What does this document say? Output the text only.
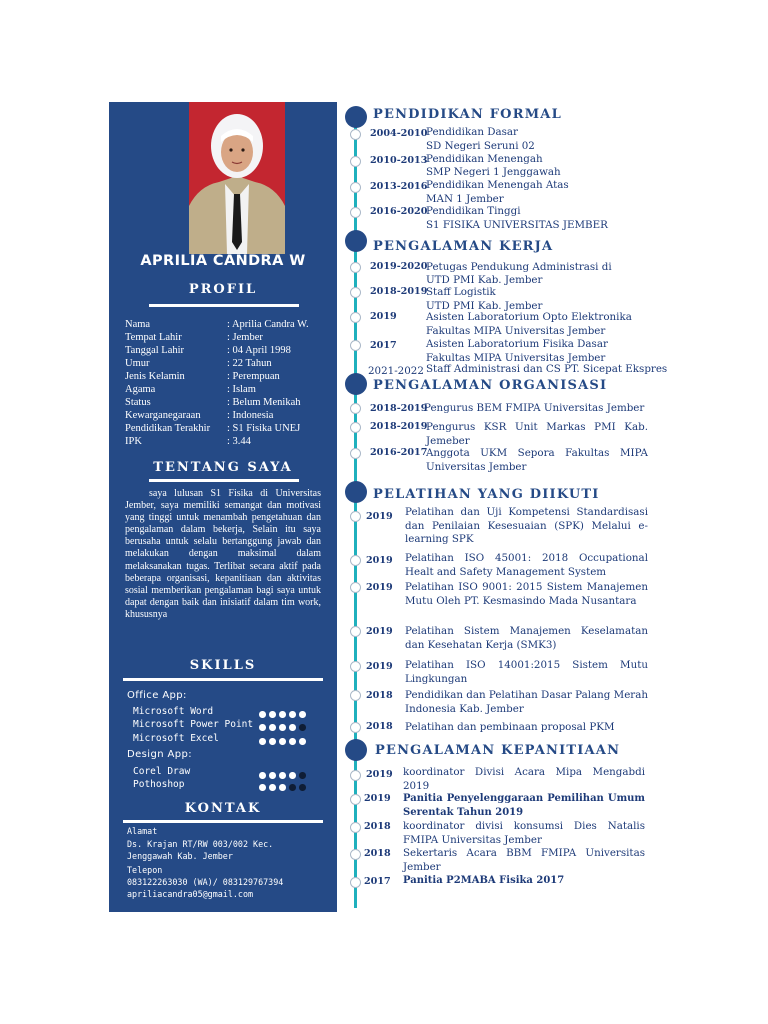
APRILIA CANDRA W
PROFIL
Nama	: Aprilia Candra W.
Tempat Lahir	: Jember
Tanggal Lahir	: 04 April 1998
Umur	: 22 Tahun
Jenis Kelamin	: Perempuan
Agama	: Islam
Status	: Belum Menikah
Kewarganegaraan	: Indonesia
Pendidikan Terakhir : S1 Fisika UNEJ
IPK	: 3.44
TENTANG SAYA
saya lulusan S1 Fisika di Universitas Jember, saya memiliki semangat dan motivasi yang tinggi untuk menambah pengetahuan dan pengalaman dalam bekerja, Selain itu saya berusaha untuk selalu bertanggung jawab dan melakukan dengan maksimal dalam melaksanakan tugas. Terlibat secara aktif pada beberapa organisasi, kepanitiaan dan aktivitas sosial memberikan pengalaman bagi saya untuk dapat dengan baik dan inisiatif dalam tim work, khususnya
SKILLS
Office App:
Microsoft Word
Microsoft Power Point
Microsoft Excel
Design App:
Corel Draw
Pothoshop
KONTAK
Alamat
Ds. Krajan RT/RW 003/002 Kec.
Jenggawah Kab. Jember
Telepon
083122263030 (WA)/ 083129767394
apriliacandra05@gmail.com
PENDIDIKAN FORMAL
2004-2010
Pendidikan Dasar
SD Negeri Seruni 02
2010-2013
Pendidikan Menengah
SMP Negeri 1 Jenggawah
2013-2016
Pendidikan Menengah Atas
MAN 1 Jember
2016-2020
Pendidikan Tinggi
S1 FISIKA UNIVERSITAS JEMBER
PENGALAMAN KERJA
2019-2020
Petugas Pendukung Administrasi di
UTD PMI Kab. Jember
2018-2019
Staff Logistik
UTD PMI Kab. Jember
2019	Asisten Laboratorium Opto Elektronika
Fakultas MIPA Universitas Jember
2017	Asisten Laboratorium Fisika Dasar
Fakultas MIPA Universitas Jember
2021-2022 Staff Administrasi dan CS PT. Sicepat Ekspres
PENGALAMAN ORGANISASI
2018-2019
Pengurus BEM FMIPA Universitas Jember
2018-2019
Pengurus KSR Unit Markas PMI Kab. Jemeber
2016-2017
Anggota UKM Sepora Fakultas MIPA Universitas Jember
PELATIHAN YANG DIIKUTI
2019 Pelatihan dan Uji Kompetensi Standardisasi dan Penilaian Kesesuaian (SPK) Melalui e-learning SPK
2019 Pelatihan ISO 45001: 2018 Occupational Healt and Safety Management System
2019 Pelatihan ISO 9001: 2015 Sistem Manajemen Mutu Oleh PT. Kesmasindo Mada Nusantara
2019 Pelatihan Sistem Manajemen Keselamatan dan Kesehatan Kerja (SMK3)
2019 Pelatihan ISO 14001:2015 Sistem Mutu Lingkungan
2018 Pendidikan dan Pelatihan Dasar Palang Merah Indonesia Kab. Jember
2018 Pelatihan dan pembinaan proposal PKM
PENGALAMAN KEPANITIAAN
2019 koordinator Divisi Acara Mipa Mengabdi 2019
2019 Panitia Penyelenggaraan Pemilihan Umum Serentak Tahun 2019
2018 koordinator divisi konsumsi Dies Natalis FMIPA Universitas Jember
2018 Sekertaris Acara BBM FMIPA Universitas Jember
2017 Panitia P2MABA Fisika 2017
